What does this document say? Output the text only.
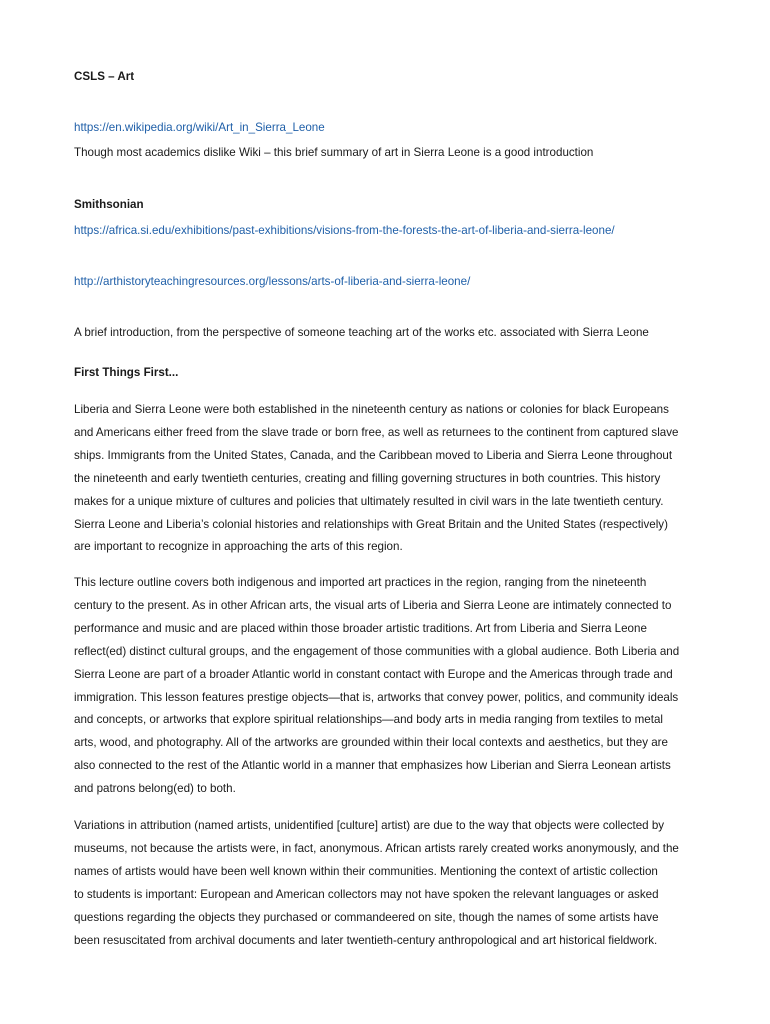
CSLS – Art
https://en.wikipedia.org/wiki/Art_in_Sierra_Leone
Though most academics dislike Wiki – this brief summary of art in Sierra Leone is a good introduction
Smithsonian
https://africa.si.edu/exhibitions/past-exhibitions/visions-from-the-forests-the-art-of-liberia-and-sierra-leone/
http://arthistoryteachingresources.org/lessons/arts-of-liberia-and-sierra-leone/
A brief introduction, from the perspective of someone teaching art of the works etc. associated with Sierra Leone
First Things First...
Liberia and Sierra Leone were both established in the nineteenth century as nations or colonies for black Europeans
and Americans either freed from the slave trade or born free, as well as returnees to the continent from captured slave
ships. Immigrants from the United States, Canada, and the Caribbean moved to Liberia and Sierra Leone throughout
the nineteenth and early twentieth centuries, creating and filling governing structures in both countries. This history
makes for a unique mixture of cultures and policies that ultimately resulted in civil wars in the late twentieth century.
Sierra Leone and Liberia’s colonial histories and relationships with Great Britain and the United States (respectively)
are important to recognize in approaching the arts of this region.
This lecture outline covers both indigenous and imported art practices in the region, ranging from the nineteenth
century to the present. As in other African arts, the visual arts of Liberia and Sierra Leone are intimately connected to
performance and music and are placed within those broader artistic traditions. Art from Liberia and Sierra Leone
reflect(ed) distinct cultural groups, and the engagement of those communities with a global audience. Both Liberia and
Sierra Leone are part of a broader Atlantic world in constant contact with Europe and the Americas through trade and
immigration. This lesson features prestige objects—that is, artworks that convey power, politics, and community ideals
and concepts, or artworks that explore spiritual relationships—and body arts in media ranging from textiles to metal
arts, wood, and photography. All of the artworks are grounded within their local contexts and aesthetics, but they are
also connected to the rest of the Atlantic world in a manner that emphasizes how Liberian and Sierra Leonean artists
and patrons belong(ed) to both.
Variations in attribution (named artists, unidentified [culture] artist) are due to the way that objects were collected by
museums, not because the artists were, in fact, anonymous. African artists rarely created works anonymously, and the
names of artists would have been well known within their communities. Mentioning the context of artistic collection
to students is important: European and American collectors may not have spoken the relevant languages or asked
questions regarding the objects they purchased or commandeered on site, though the names of some artists have
been resuscitated from archival documents and later twentieth-century anthropological and art historical fieldwork.
